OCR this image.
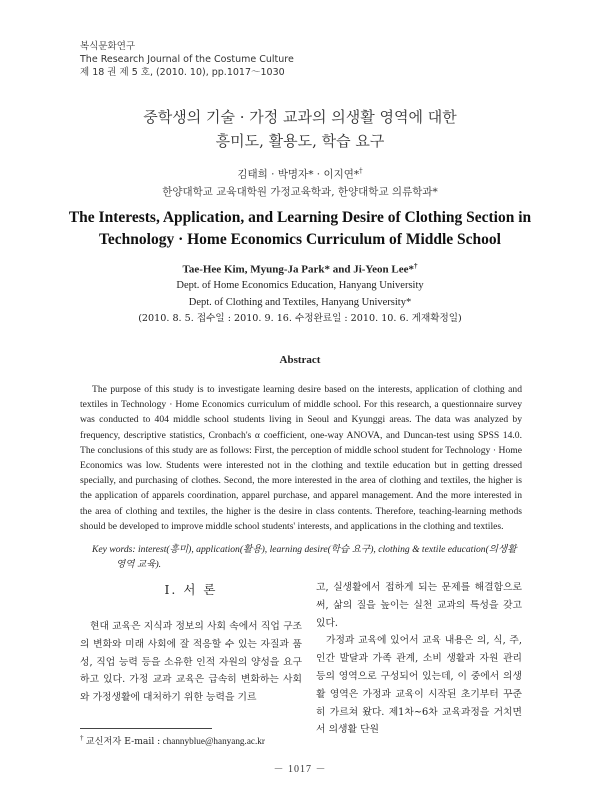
복식문화연구
The Research Journal of the Costume Culture
제 18 권 제 5 호, (2010. 10), pp.1017～1030
중학생의 기술 · 가정 교과의 의생활 영역에 대한
흥미도, 활용도, 학습 요구
김태희 · 박명자* · 이지연*†
한양대학교 교육대학원 가정교육학과, 한양대학교 의류학과*
The Interests, Application, and Learning Desire of Clothing Section in
Technology · Home Economics Curriculum of Middle School
Tae-Hee Kim, Myung-Ja Park* and Ji-Yeon Lee*†
Dept. of Home Economics Education, Hanyang University
Dept. of Clothing and Textiles, Hanyang University*
(2010. 8. 5. 접수일 : 2010. 9. 16. 수정완료일 : 2010. 10. 6. 게재확정일)
Abstract
The purpose of this study is to investigate learning desire based on the interests, application of clothing and textiles in Technology · Home Economics curriculum of middle school. For this research, a questionnaire survey was conducted to 404 middle school students living in Seoul and Kyunggi areas. The data was analyzed by frequency, descriptive statistics, Cronbach's α coefficient, one-way ANOVA, and Duncan-test using SPSS 14.0. The conclusions of this study are as follows: First, the perception of middle school student for Technology · Home Economics was low. Students were interested not in the clothing and textile education but in getting dressed specially, and purchasing of clothes. Second, the more interested in the area of clothing and textiles, the higher is the application of apparels coordination, apparel purchase, and apparel management. And the more interested in the area of clothing and textiles, the higher is the desire in class contents. Therefore, teaching-learning methods should be developed to improve middle school students' interests, and applications in the clothing and textiles.
Key words: interest(흥미), application(활용), learning desire(학습 요구), clothing & textile education(의생활
영역 교육).
I. 서 론
현대 교육은 지식과 정보의 사회 속에서 직업 구조의 변화와 미래 사회에 잘 적응할 수 있는 자질과 품성, 직업 능력 등을 소유한 인적 자원의 양성을 요구하고 있다. 가정 교과 교육은 급속히 변화하는 사회와 가정생활에 대처하기 위한 능력을 기르
고, 실생활에서 접하게 되는 문제를 해결함으로써, 삶의 질을 높이는 실천 교과의 특성을 갖고 있다.
가정과 교육에 있어서 교육 내용은 의, 식, 주, 인간 발달과 가족 관계, 소비 생활과 자원 관리 등의 영역으로 구성되어 있는데, 이 중에서 의생활 영역은 가정과 교육이 시작된 초기부터 꾸준히 가르쳐 왔다. 제1차~6차 교육과정을 거치면서 의생활 단원
† 교신저자 E-mail : channyblue@hanyang.ac.kr
－ 1017 －
